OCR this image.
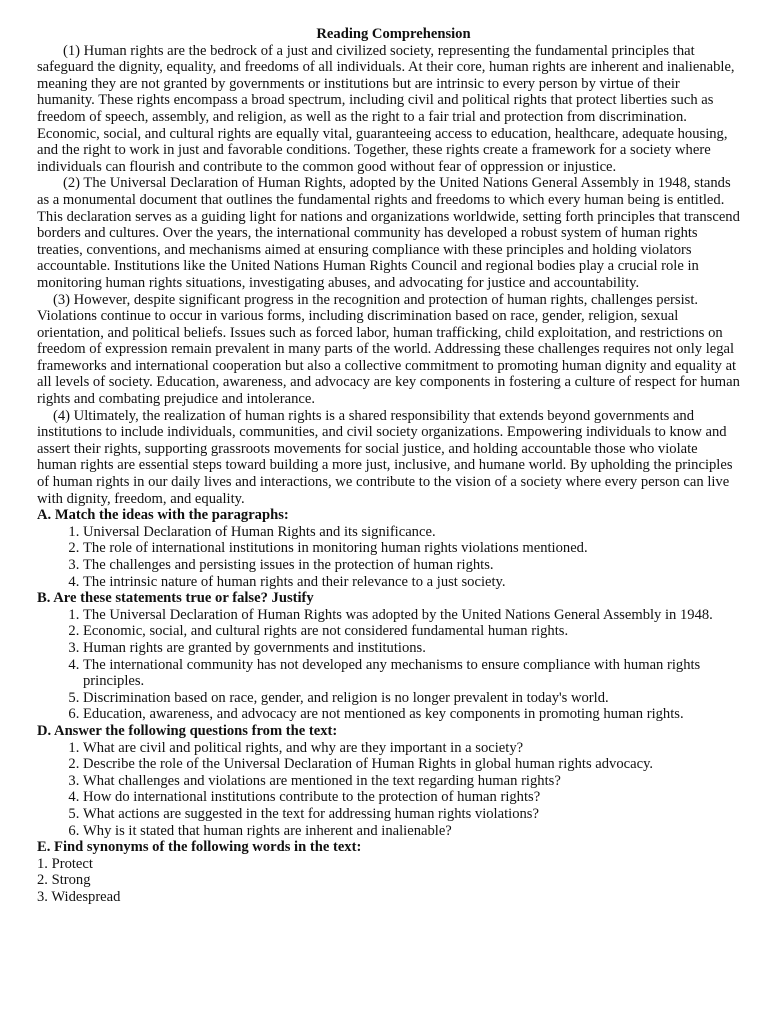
Reading Comprehension

(1) Human rights are the bedrock of a just and civilized society, representing the fundamental principles that safeguard the dignity, equality, and freedoms of all individuals. At their core, human rights are inherent and inalienable, meaning they are not granted by governments or institutions but are intrinsic to every person by virtue of their humanity. These rights encompass a broad spectrum, including civil and political rights that protect liberties such as freedom of speech, assembly, and religion, as well as the right to a fair trial and protection from discrimination. Economic, social, and cultural rights are equally vital, guaranteeing access to education, healthcare, adequate housing, and the right to work in just and favorable conditions. Together, these rights create a framework for a society where individuals can flourish and contribute to the common good without fear of oppression or injustice.

(2) The Universal Declaration of Human Rights, adopted by the United Nations General Assembly in 1948, stands as a monumental document that outlines the fundamental rights and freedoms to which every human being is entitled. This declaration serves as a guiding light for nations and organizations worldwide, setting forth principles that transcend borders and cultures. Over the years, the international community has developed a robust system of human rights treaties, conventions, and mechanisms aimed at ensuring compliance with these principles and holding violators accountable. Institutions like the United Nations Human Rights Council and regional bodies play a crucial role in monitoring human rights situations, investigating abuses, and advocating for justice and accountability.

(3) However, despite significant progress in the recognition and protection of human rights, challenges persist. Violations continue to occur in various forms, including discrimination based on race, gender, religion, sexual orientation, and political beliefs. Issues such as forced labor, human trafficking, child exploitation, and restrictions on freedom of expression remain prevalent in many parts of the world. Addressing these challenges requires not only legal frameworks and international cooperation but also a collective commitment to promoting human dignity and equality at all levels of society. Education, awareness, and advocacy are key components in fostering a culture of respect for human rights and combating prejudice and intolerance.

(4) Ultimately, the realization of human rights is a shared responsibility that extends beyond governments and institutions to include individuals, communities, and civil society organizations. Empowering individuals to know and assert their rights, supporting grassroots movements for social justice, and holding accountable those who violate human rights are essential steps toward building a more just, inclusive, and humane world. By upholding the principles of human rights in our daily lives and interactions, we contribute to the vision of a society where every person can live with dignity, freedom, and equality.

A. Match the ideas with the paragraphs:
1. Universal Declaration of Human Rights and its significance.
2. The role of international institutions in monitoring human rights violations mentioned.
3. The challenges and persisting issues in the protection of human rights.
4. The intrinsic nature of human rights and their relevance to a just society.
B. Are these statements true or false? Justify
1. The Universal Declaration of Human Rights was adopted by the United Nations General Assembly in 1948.
2. Economic, social, and cultural rights are not considered fundamental human rights.
3. Human rights are granted by governments and institutions.
4. The international community has not developed any mechanisms to ensure compliance with human rights principles.
5. Discrimination based on race, gender, and religion is no longer prevalent in today's world.
6. Education, awareness, and advocacy are not mentioned as key components in promoting human rights.
D. Answer the following questions from the text:
1. What are civil and political rights, and why are they important in a society?
2. Describe the role of the Universal Declaration of Human Rights in global human rights advocacy.
3. What challenges and violations are mentioned in the text regarding human rights?
4. How do international institutions contribute to the protection of human rights?
5. What actions are suggested in the text for addressing human rights violations?
6. Why is it stated that human rights are inherent and inalienable?
E. Find synonyms of the following words in the text:
1. Protect
2. Strong
3. Widespread
